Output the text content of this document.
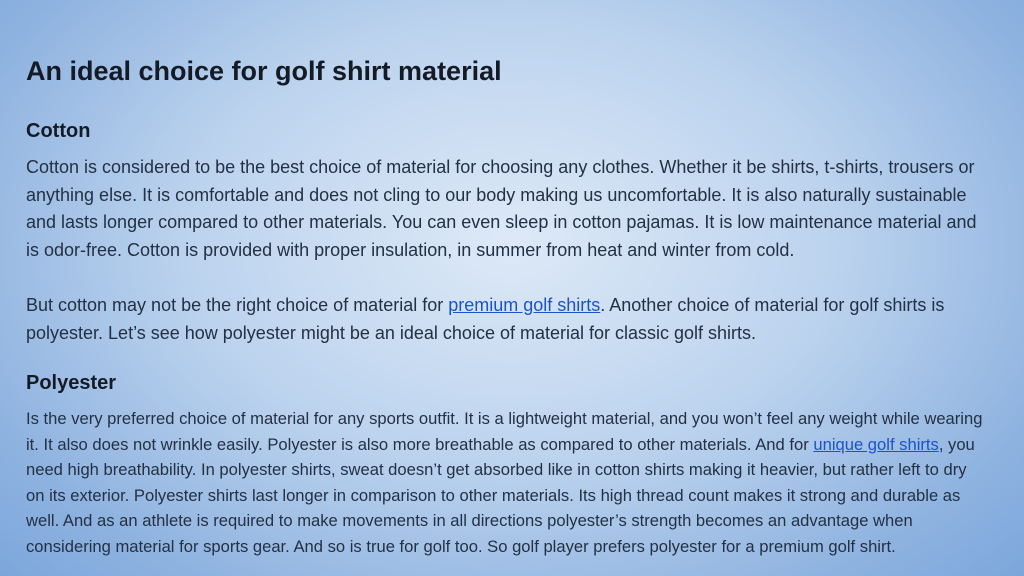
An ideal choice for golf shirt material
Cotton

Cotton is considered to be the best choice of material for choosing any clothes. Whether it be shirts, t-shirts, trousers or anything else. It is comfortable and does not cling to our body making us uncomfortable. It is also naturally sustainable and lasts longer compared to other materials. You can even sleep in cotton pajamas. It is low maintenance material and is odor-free. Cotton is provided with proper insulation, in summer from heat and winter from cold.

But cotton may not be the right choice of material for premium golf shirts. Another choice of material for golf shirts is polyester. Let’s see how polyester might be an ideal choice of material for classic golf shirts.

Polyester

Is the very preferred choice of material for any sports outfit. It is a lightweight material, and you won’t feel any weight while wearing it. It also does not wrinkle easily. Polyester is also more breathable as compared to other materials. And for unique golf shirts, you need high breathability. In polyester shirts, sweat doesn’t get absorbed like in cotton shirts making it heavier, but rather left to dry on its exterior. Polyester shirts last longer in comparison to other materials. Its high thread count makes it strong and durable as well. And as an athlete is required to make movements in all directions polyester’s strength becomes an advantage when considering material for sports gear. And so is true for golf too. So golf player prefers polyester for a premium golf shirt.
